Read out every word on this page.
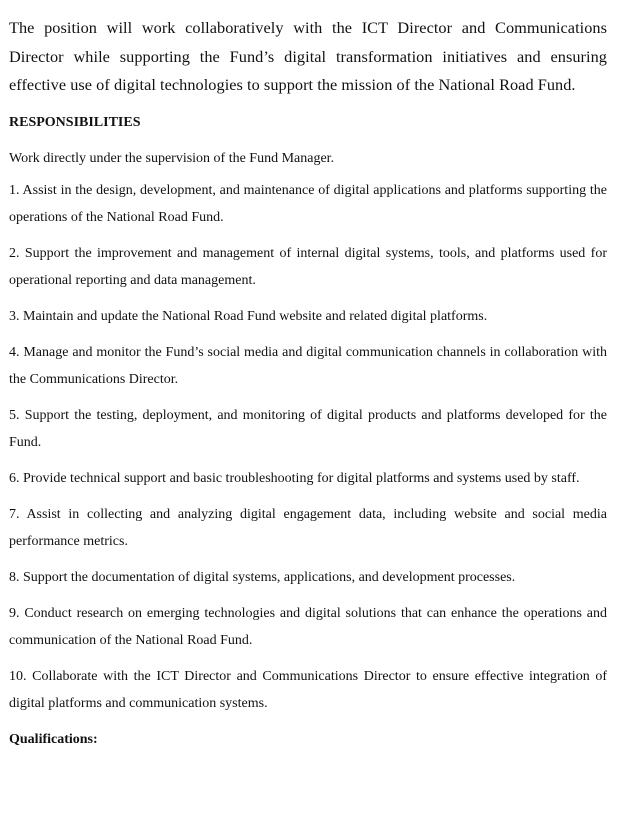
The position will work collaboratively with the ICT Director and Communications Director while supporting the Fund’s digital transformation initiatives and ensuring effective use of digital technologies to support the mission of the National Road Fund.

RESPONSIBILITIES

Work directly under the supervision of the Fund Manager.

1. Assist in the design, development, and maintenance of digital applications and platforms supporting the operations of the National Road Fund.
2. Support the improvement and management of internal digital systems, tools, and platforms used for operational reporting and data management.
3. Maintain and update the National Road Fund website and related digital platforms.
4. Manage and monitor the Fund’s social media and digital communication channels in collaboration with the Communications Director.
5. Support the testing, deployment, and monitoring of digital products and platforms developed for the Fund.
6. Provide technical support and basic troubleshooting for digital platforms and systems used by staff.
7. Assist in collecting and analyzing digital engagement data, including website and social media performance metrics.
8. Support the documentation of digital systems, applications, and development processes.
9. Conduct research on emerging technologies and digital solutions that can enhance the operations and communication of the National Road Fund.
10. Collaborate with the ICT Director and Communications Director to ensure effective integration of digital platforms and communication systems.
Qualifications:
